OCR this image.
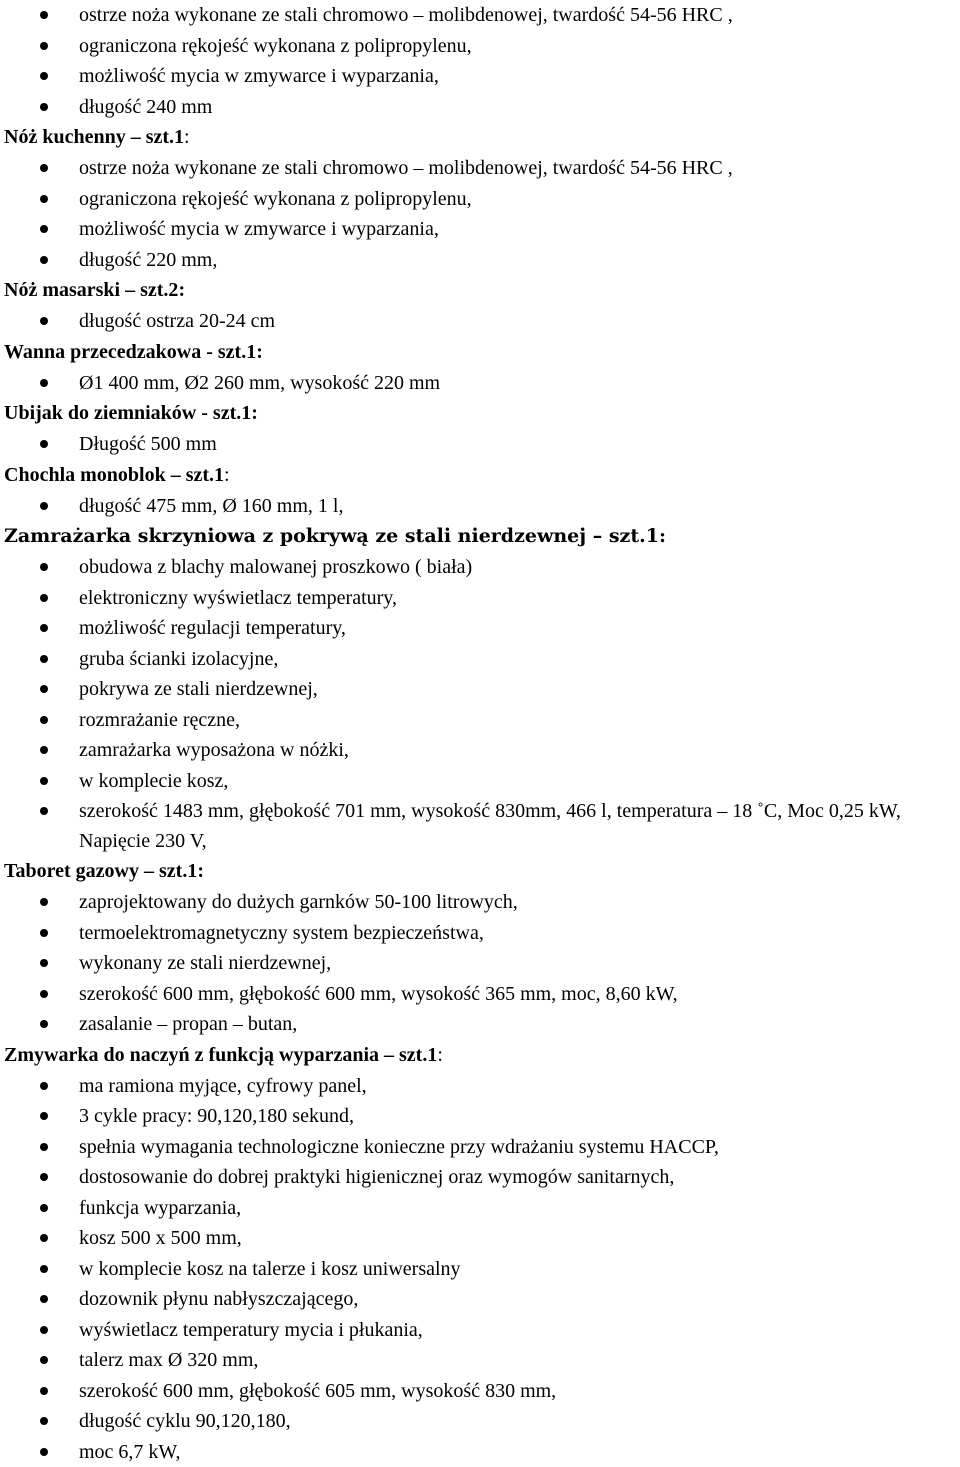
ostrze noża wykonane ze stali chromowo – molibdenowej, twardość 54-56 HRC ,
ograniczona rękojeść wykonana z polipropylenu,
możliwość mycia w zmywarce i wyparzania,
długość 240 mm
Nóż kuchenny – szt.1:
ostrze noża wykonane ze stali chromowo – molibdenowej, twardość 54-56 HRC ,
ograniczona rękojeść wykonana z polipropylenu,
możliwość mycia w zmywarce i wyparzania,
długość 220 mm,
Nóż masarski – szt.2:
długość ostrza 20-24 cm
Wanna przecedzakowa - szt.1:
Ø1 400 mm, Ø2 260 mm, wysokość 220 mm
Ubijak do ziemniaków - szt.1:
Długość 500 mm
Chochla monoblok – szt.1:
długość 475 mm, Ø 160 mm, 1 l,
Zamrażarka skrzyniowa z pokrywą ze stali nierdzewnej – szt.1:
obudowa z blachy malowanej proszkowo ( biała)
elektroniczny wyświetlacz temperatury,
możliwość regulacji temperatury,
gruba ścianki izolacyjne,
pokrywa ze stali nierdzewnej,
rozmrażanie ręczne,
zamrażarka wyposażona w nóżki,
w komplecie kosz,
szerokość 1483 mm, głębokość 701 mm, wysokość 830mm, 466 l, temperatura – 18 ˚C, Moc 0,25 kW, Napięcie 230 V,
Taboret gazowy – szt.1:
zaprojektowany do dużych garnków 50-100 litrowych,
termoelektromagnetyczny system bezpieczeństwa,
wykonany ze stali nierdzewnej,
szerokość 600 mm, głębokość 600 mm, wysokość 365 mm, moc, 8,60 kW,
zasalanie – propan – butan,
Zmywarka do naczyń z funkcją wyparzania – szt.1:
ma ramiona myjące, cyfrowy panel,
3 cykle pracy: 90,120,180 sekund,
spełnia wymagania technologiczne konieczne przy wdrażaniu systemu HACCP,
dostosowanie do dobrej praktyki higienicznej oraz wymogów sanitarnych,
funkcja wyparzania,
kosz 500 x 500 mm,
w komplecie kosz na talerze i kosz uniwersalny
dozownik płynu nabłyszczającego,
wyświetlacz temperatury mycia i płukania,
talerz max Ø 320 mm,
szerokość 600 mm, głębokość 605 mm, wysokość 830 mm,
długość cyklu 90,120,180,
moc 6,7 kW,
